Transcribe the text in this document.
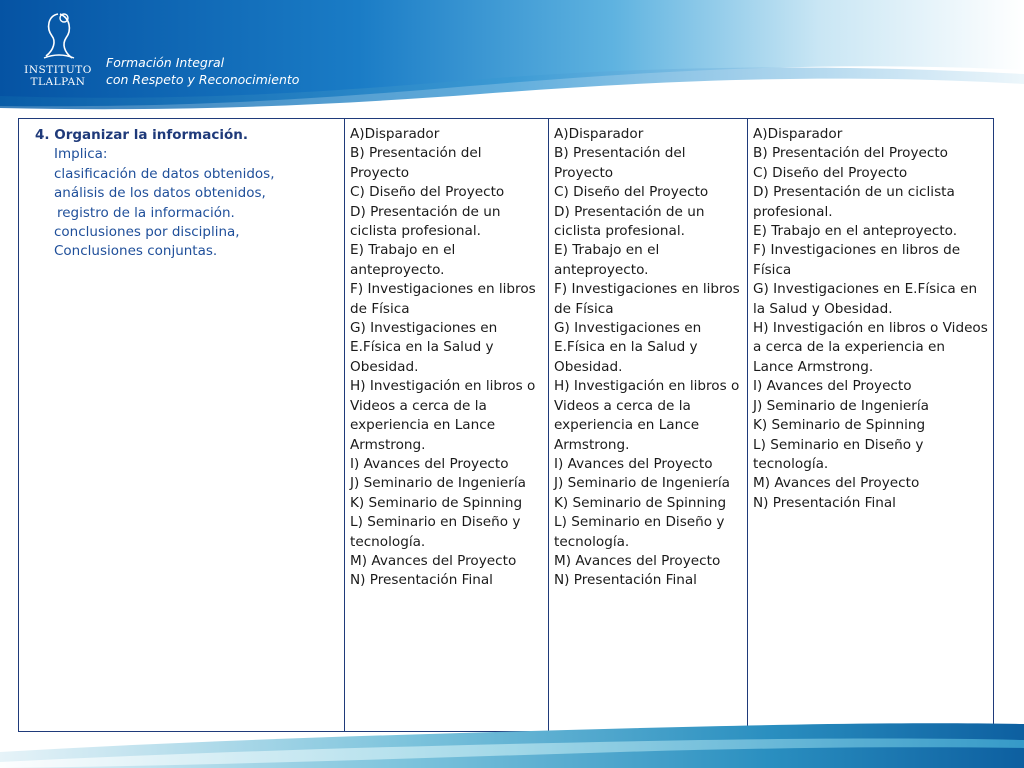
INSTITUTO
TLALPAN
Formación Integral
con Respeto y Reconocimiento
4. Organizar la información.
Implica:
clasificación de datos obtenidos,
análisis de los datos obtenidos,
registro de la información.
conclusiones por disciplina,
Conclusiones conjuntas.
A)Disparador
B) Presentación del Proyecto
C) Diseño del Proyecto
D) Presentación de un ciclista profesional.
E) Trabajo en el anteproyecto.
F) Investigaciones en libros de Física
G) Investigaciones en E.Física en la Salud y Obesidad.
H) Investigación en libros o Videos a cerca de la experiencia en Lance Armstrong.
I) Avances del Proyecto
J) Seminario de Ingeniería
K) Seminario de Spinning
L) Seminario en Diseño y tecnología.
M) Avances del Proyecto
N) Presentación Final
A)Disparador
B) Presentación del Proyecto
C) Diseño del Proyecto
D) Presentación de un ciclista profesional.
E) Trabajo en el anteproyecto.
F) Investigaciones en libros de Física
G) Investigaciones en E.Física en la Salud y Obesidad.
H) Investigación en libros o Videos a cerca de la experiencia en Lance Armstrong.
I) Avances del Proyecto
J) Seminario de Ingeniería
K) Seminario de Spinning
L) Seminario en Diseño y tecnología.
M) Avances del Proyecto
N) Presentación Final
A)Disparador
B) Presentación del Proyecto
C) Diseño del Proyecto
D) Presentación de un ciclista profesional.
E) Trabajo en el anteproyecto.
F) Investigaciones en libros de Física
G) Investigaciones en E.Física en la Salud y Obesidad.
H) Investigación en libros o Videos a cerca de la experiencia en Lance Armstrong.
I) Avances del Proyecto
J) Seminario de Ingeniería
K) Seminario de Spinning
L) Seminario en Diseño y tecnología.
M) Avances del Proyecto
N) Presentación Final
